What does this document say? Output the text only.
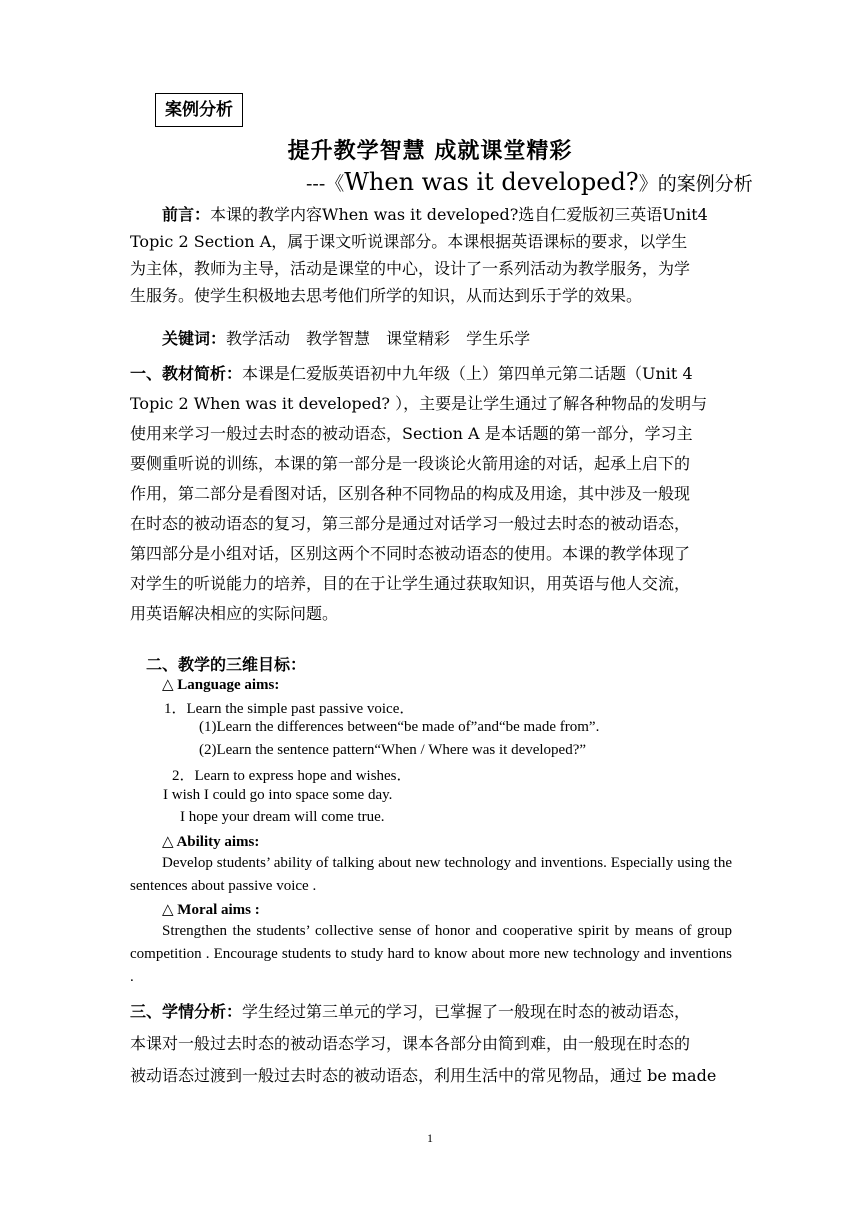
案例分析
提升教学智慧 成就课堂精彩
---《When was it developed?》的案例分析
前言：本课的教学内容When was it developed?选自仁爱版初三英语Unit4
Topic 2 Section A，属于课文听说课部分。本课根据英语课标的要求，以学生
为主体，教师为主导，活动是课堂的中心，设计了一系列活动为教学服务，为学
生服务。使学生积极地去思考他们所学的知识，从而达到乐于学的效果。
关键词：教学活动 教学智慧 课堂精彩 学生乐学
一、教材简析：本课是仁爱版英语初中九年级（上）第四单元第二话题（Unit 4
Topic 2 When was it developed? ），主要是让学生通过了解各种物品的发明与
使用来学习一般过去时态的被动语态，Section A 是本话题的第一部分，学习主
要侧重听说的训练，本课的第一部分是一段谈论火箭用途的对话，起承上启下的
作用，第二部分是看图对话，区别各种不同物品的构成及用途，其中涉及一般现
在时态的被动语态的复习，第三部分是通过对话学习一般过去时态的被动语态，
第四部分是小组对话，区别这两个不同时态被动语态的使用。本课的教学体现了
对学生的听说能力的培养，目的在于让学生通过获取知识，用英语与他人交流，
用英语解决相应的实际问题。
二、教学的三维目标：
△ Language aims:
1．Learn the simple past passive voice．
(1)Learn the differences between“be made of”and“be made from”.
(2)Learn the sentence pattern“When / Where was it developed?”
2．Learn to express hope and wishes．
I wish I could go into space some day.
I hope your dream will come true.
△ Ability aims:
Develop students’ ability of talking about new technology and inventions. Especially using the sentences about passive voice .
△ Moral aims :
Strengthen the students’ collective sense of honor and cooperative spirit by means of group competition . Encourage students to study hard to know about more new technology and inventions .
三、学情分析：学生经过第三单元的学习，已掌握了一般现在时态的被动语态，
本课对一般过去时态的被动语态学习，课本各部分由简到难，由一般现在时态的
被动语态过渡到一般过去时态的被动语态，利用生活中的常见物品，通过 be made
1
